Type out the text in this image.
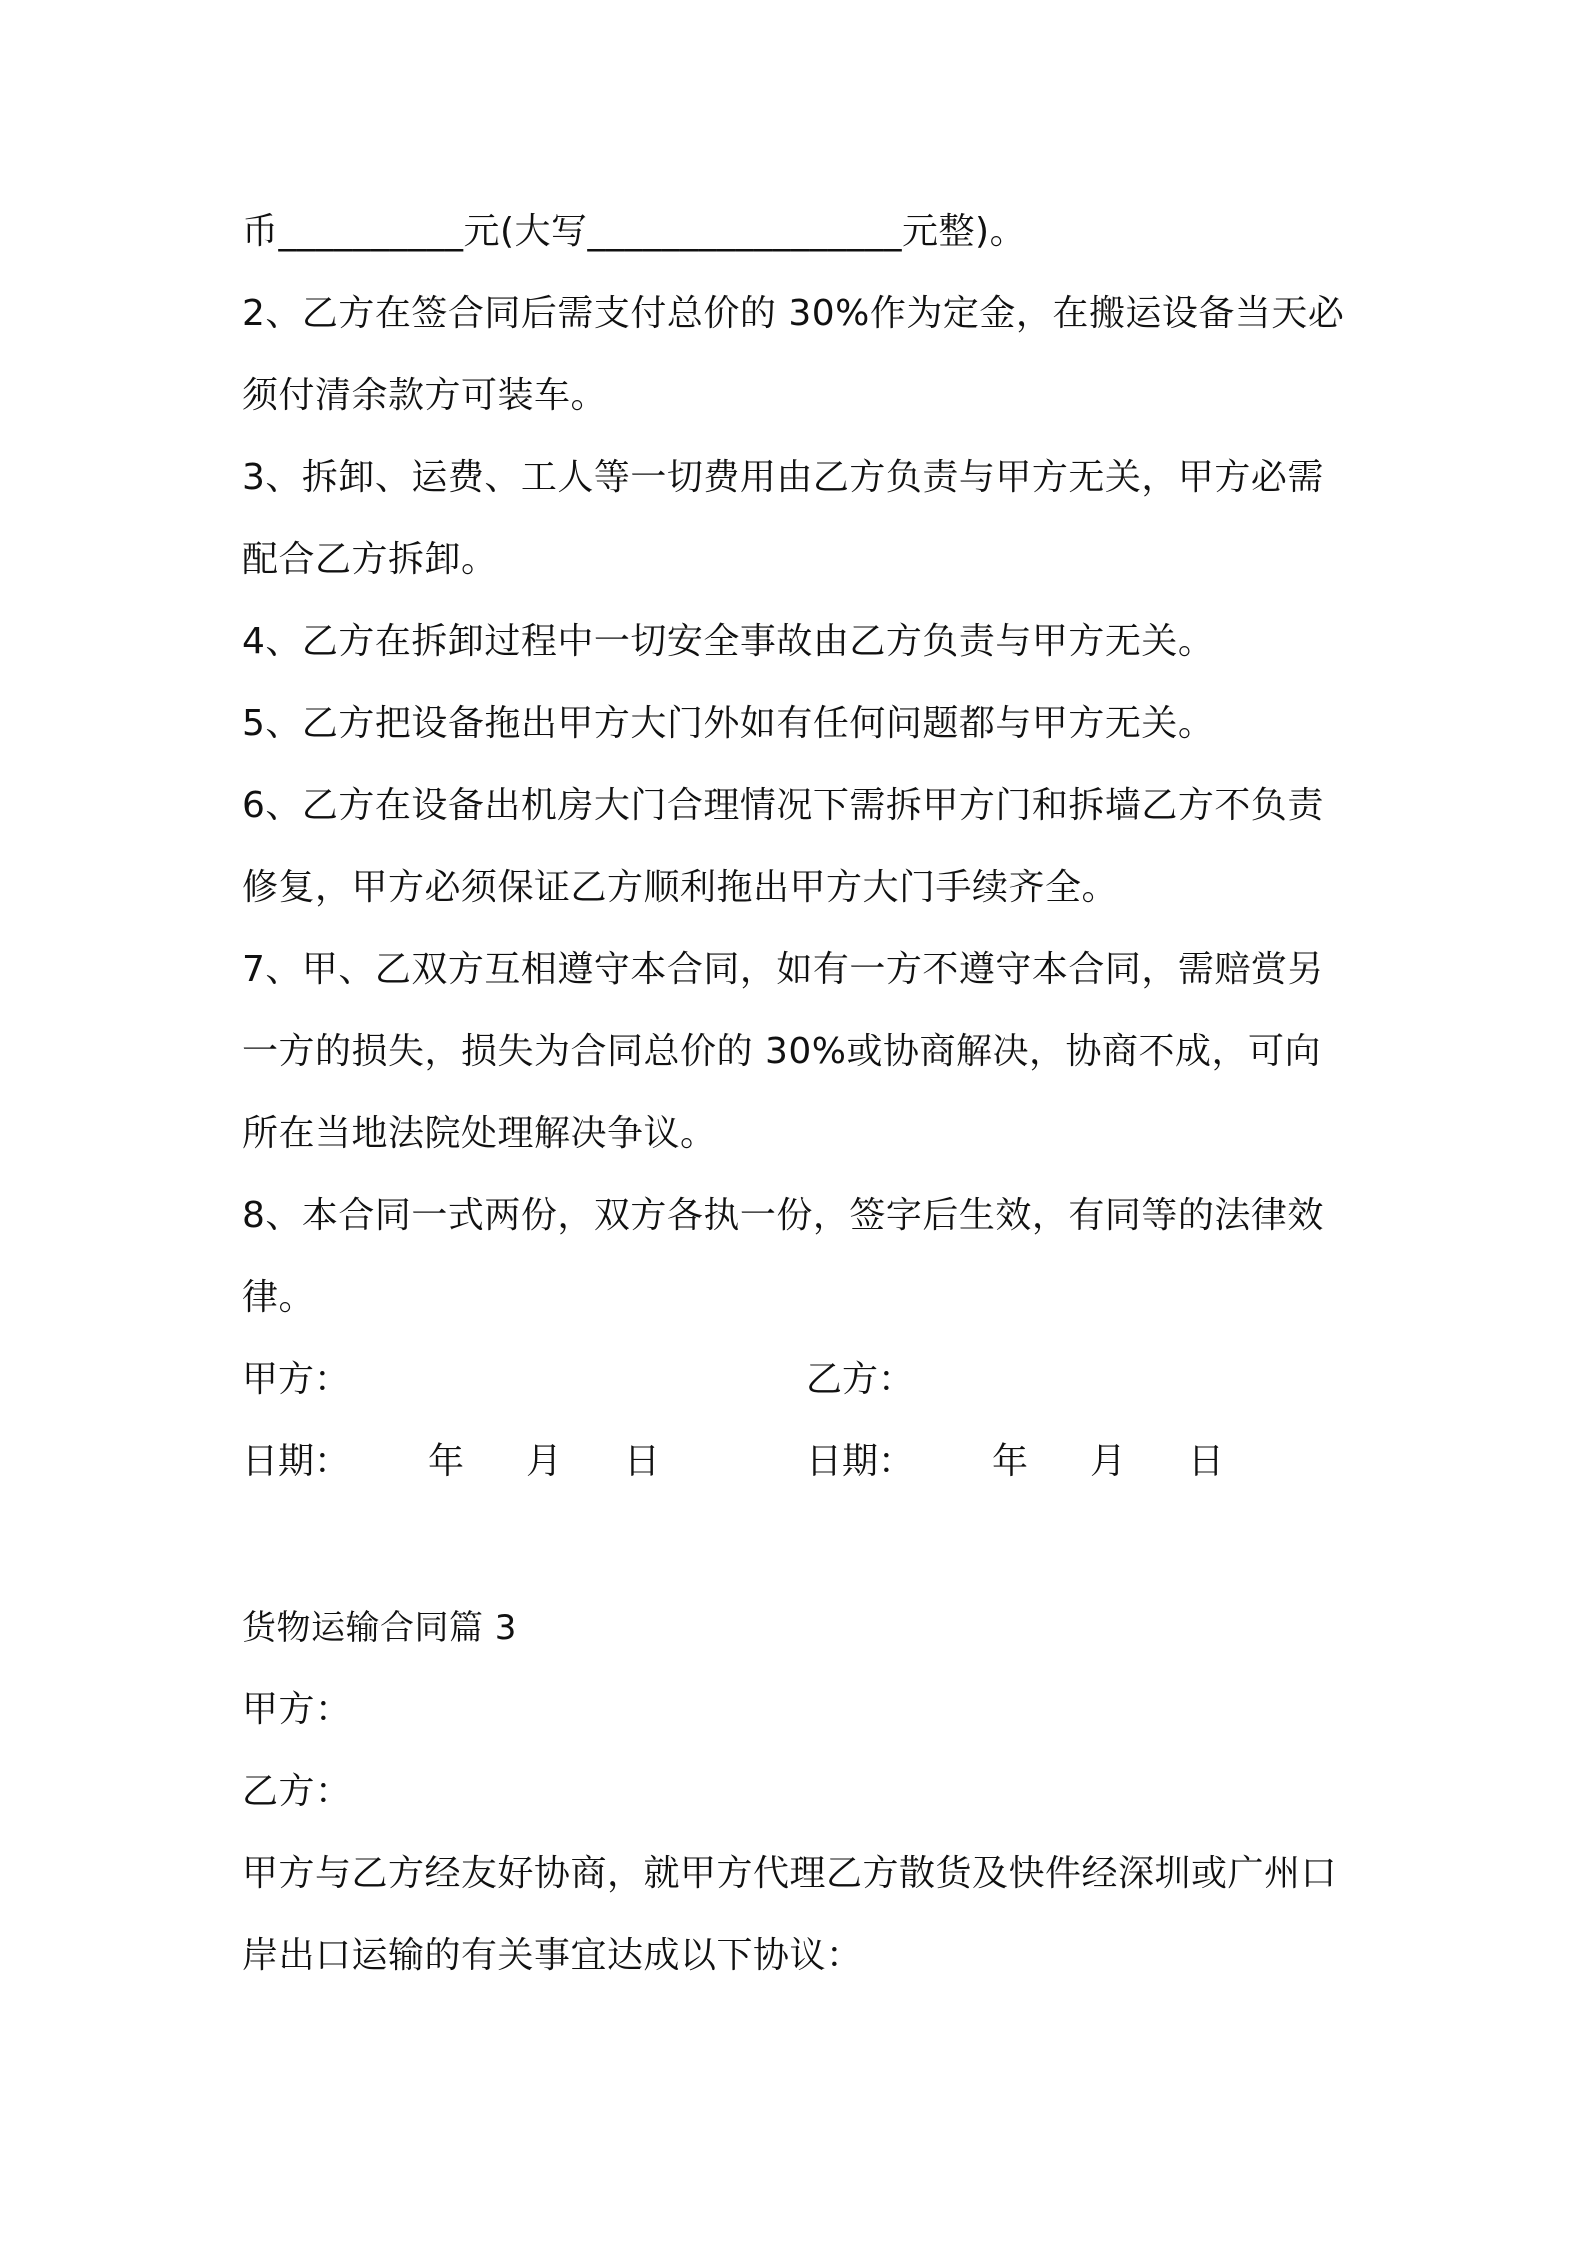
币__________元(大写_________________元整)。
2、乙方在签合同后需支付总价的 30%作为定金，在搬运设备当天必
须付清余款方可装车。
3、拆卸、运费、工人等一切费用由乙方负责与甲方无关，甲方必需
配合乙方拆卸。
4、乙方在拆卸过程中一切安全事故由乙方负责与甲方无关。
5、乙方把设备拖出甲方大门外如有任何问题都与甲方无关。
6、乙方在设备出机房大门合理情况下需拆甲方门和拆墙乙方不负责
修复，甲方必须保证乙方顺利拖出甲方大门手续齐全。
7、甲、乙双方互相遵守本合同，如有一方不遵守本合同，需赔赏另
一方的损失，损失为合同总价的 30%或协商解决，协商不成，可向
所在当地法院处理解决争议。
8、本合同一式两份，双方各执一份，签字后生效，有同等的法律效
律。
甲方：	乙方：
日期： 年 月 日	日期： 年 月 日
货物运输合同篇 3
甲方：
乙方：
甲方与乙方经友好协商，就甲方代理乙方散货及快件经深圳或广州口
岸出口运输的有关事宜达成以下协议：
